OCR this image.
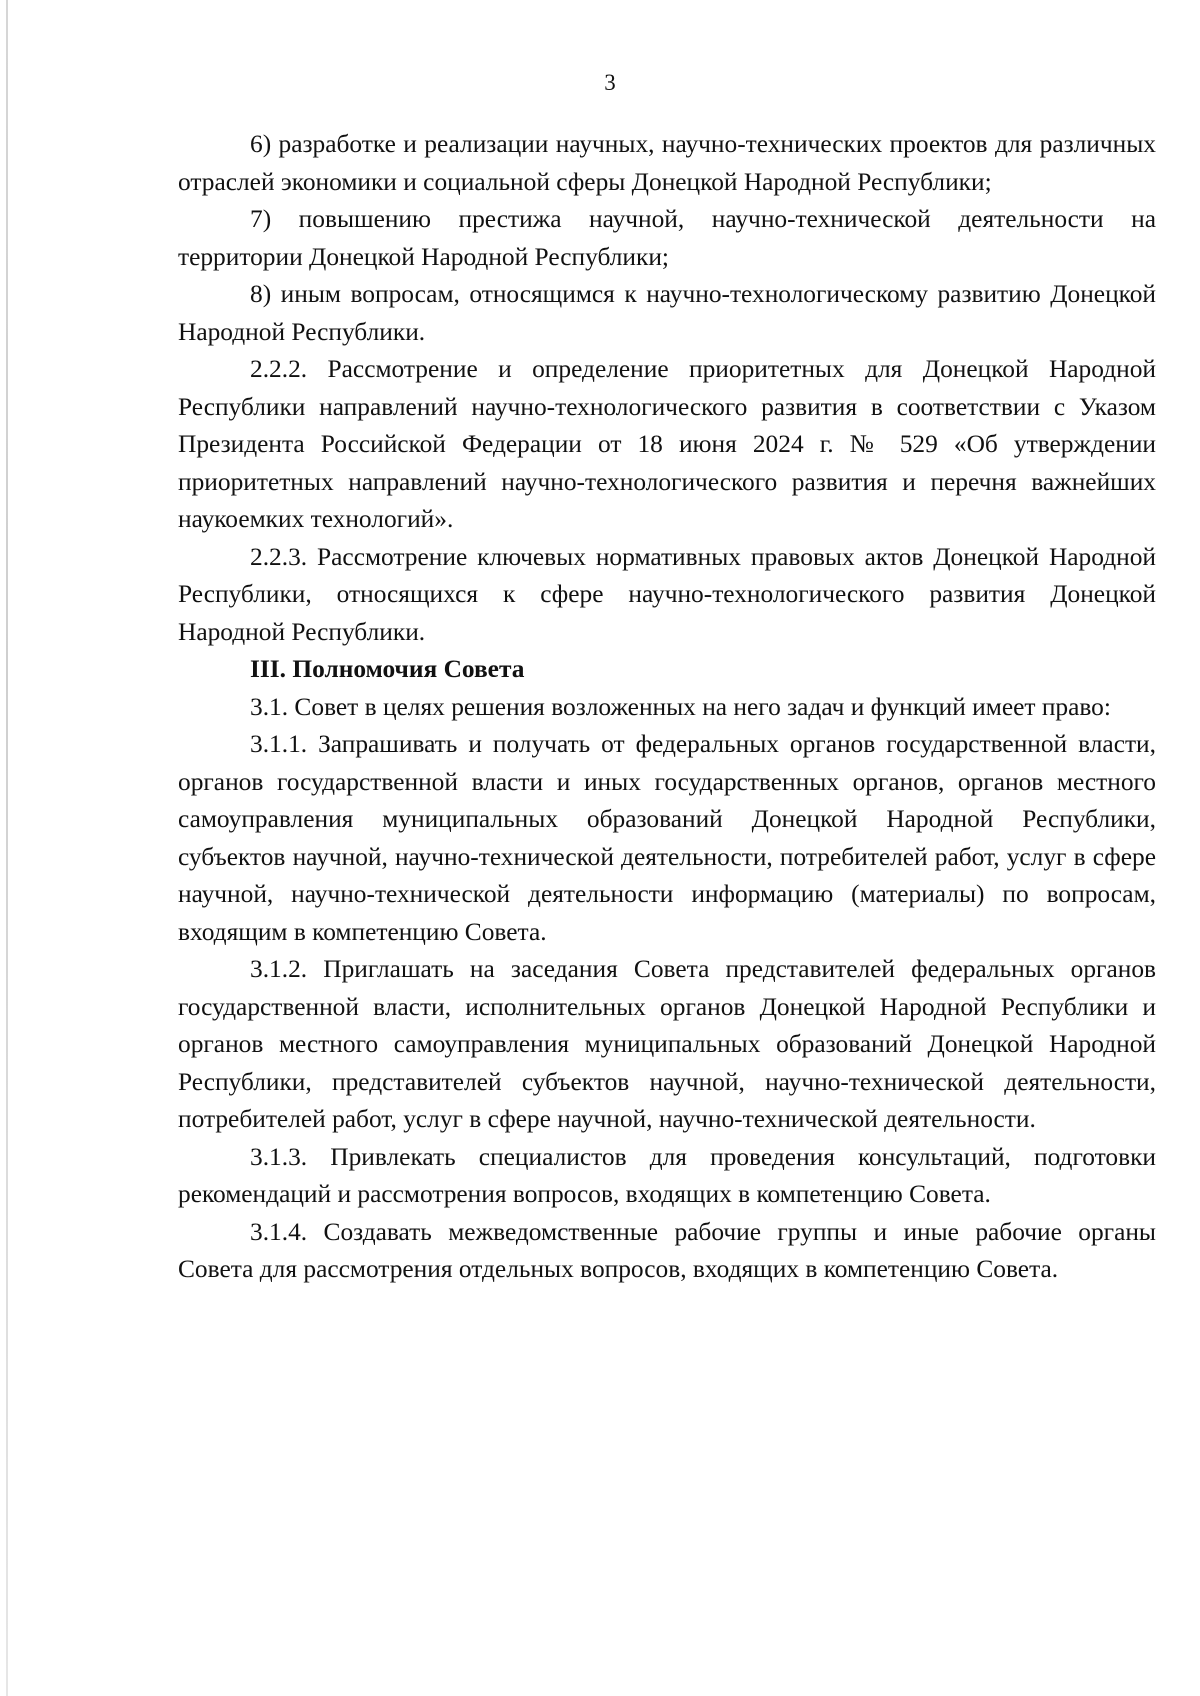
3

6) разработке и реализации научных, научно-технических проектов для различных отраслей экономики и социальной сферы Донецкой Народной Республики;

7) повышению престижа научной, научно-технической деятельности на территории Донецкой Народной Республики;

8) иным вопросам, относящимся к научно-технологическому развитию Донецкой Народной Республики.

2.2.2. Рассмотрение и определение приоритетных для Донецкой Народной Республики направлений научно-технологического развития в соответствии с Указом Президента Российской Федерации от 18 июня 2024 г. № 529 «Об утверждении приоритетных направлений научно-технологического развития и перечня важнейших наукоемких технологий».

2.2.3. Рассмотрение ключевых нормативных правовых актов Донецкой Народной Республики, относящихся к сфере научно-технологического развития Донецкой Народной Республики.

III. Полномочия Совета

3.1. Совет в целях решения возложенных на него задач и функций имеет право:

3.1.1. Запрашивать и получать от федеральных органов государственной власти, органов государственной власти и иных государственных органов, органов местного самоуправления муниципальных образований Донецкой Народной Республики, субъектов научной, научно-технической деятельности, потребителей работ, услуг в сфере научной, научно-технической деятельности информацию (материалы) по вопросам, входящим в компетенцию Совета.

3.1.2. Приглашать на заседания Совета представителей федеральных органов государственной власти, исполнительных органов Донецкой Народной Республики и органов местного самоуправления муниципальных образований Донецкой Народной Республики, представителей субъектов научной, научно-технической деятельности, потребителей работ, услуг в сфере научной, научно-технической деятельности.

3.1.3. Привлекать специалистов для проведения консультаций, подготовки рекомендаций и рассмотрения вопросов, входящих в компетенцию Совета.

3.1.4. Создавать межведомственные рабочие группы и иные рабочие органы Совета для рассмотрения отдельных вопросов, входящих в компетенцию Совета.
